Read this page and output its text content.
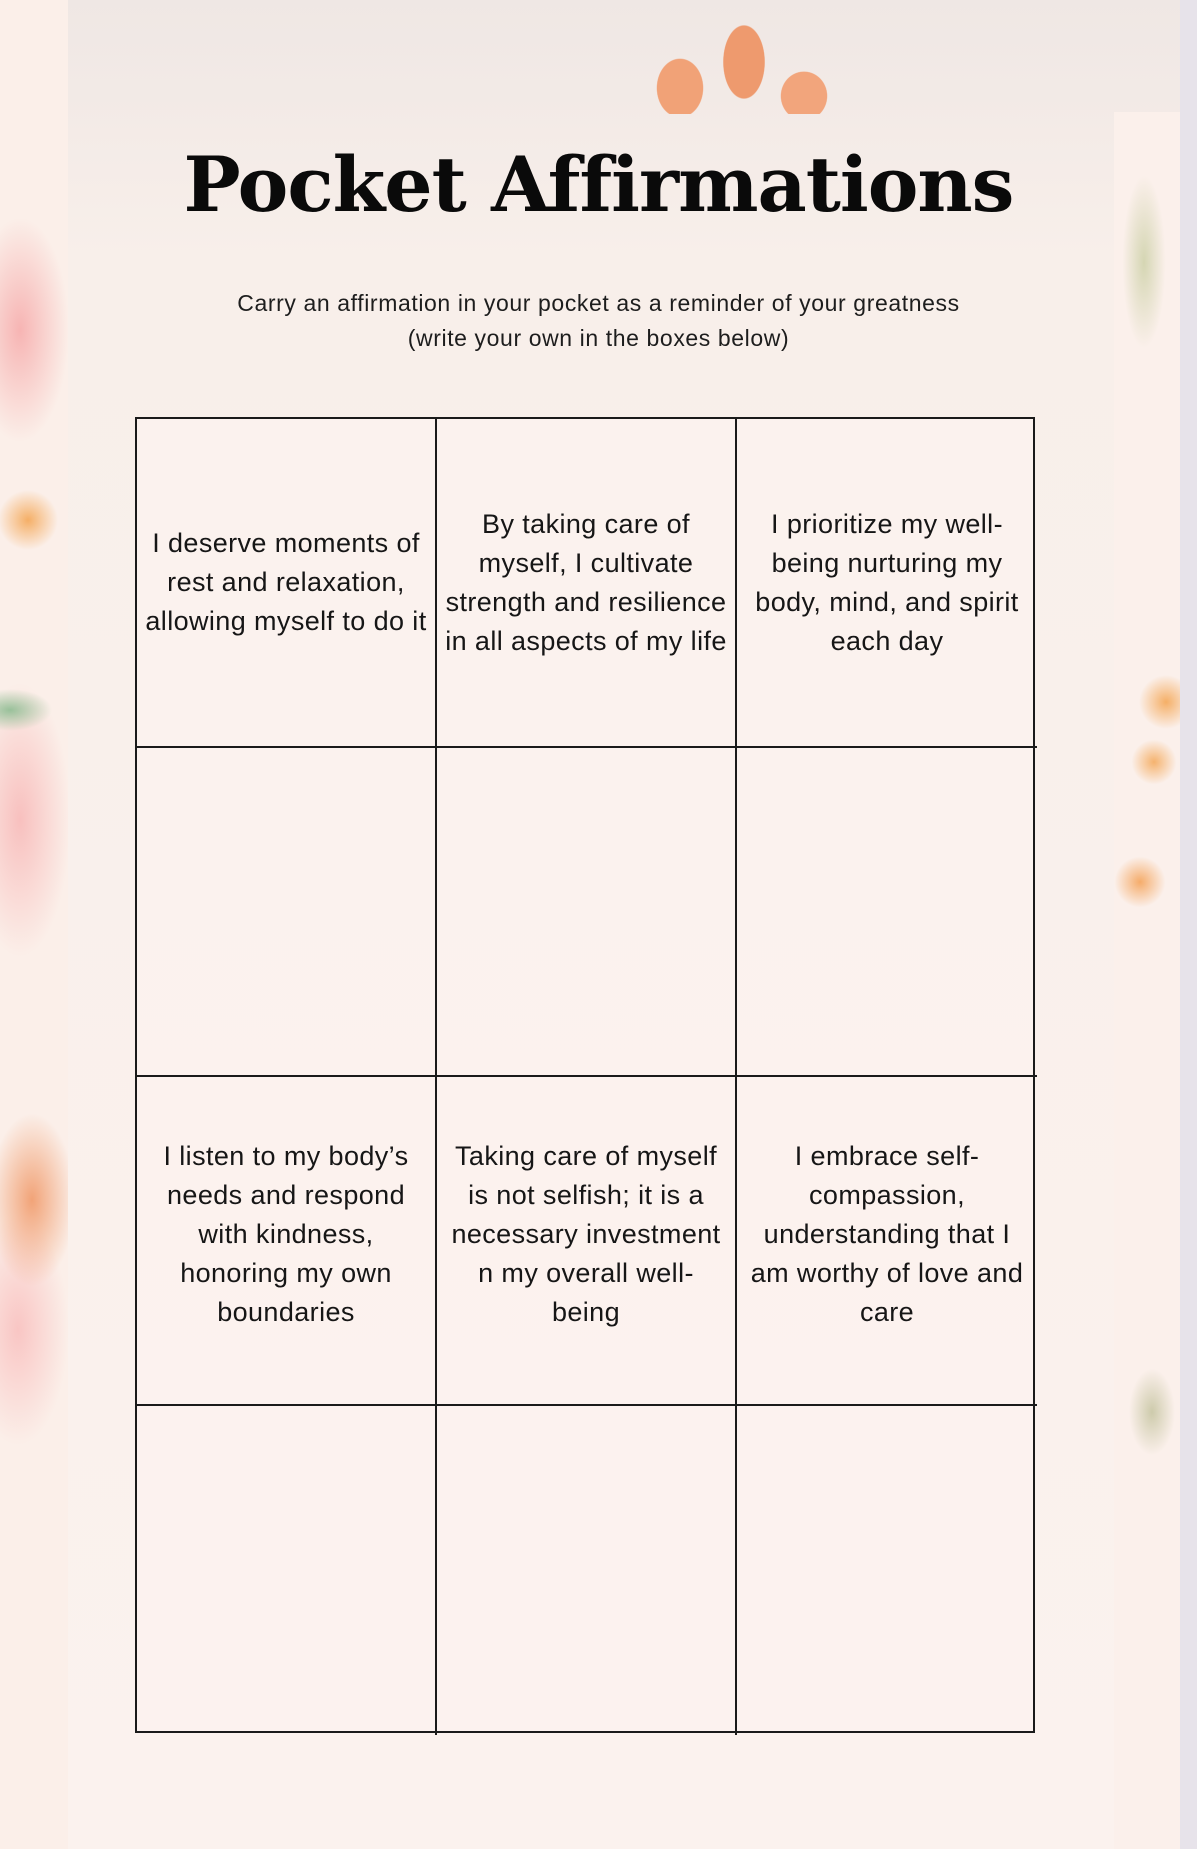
Pocket Affirmations
Carry an affirmation in your pocket as a reminder of your greatness
(write your own in the boxes below)
I deserve moments of rest and relaxation, allowing myself to do it
By taking care of myself, I cultivate strength and resilience in all aspects of my life
I prioritize my well-being nurturing my body, mind, and spirit each day
I listen to my body’s needs and respond with kindness, honoring my own boundaries
Taking care of myself is not selfish; it is a necessary investment n my overall well-being
I embrace self-compassion, understanding that I am worthy of love and care
